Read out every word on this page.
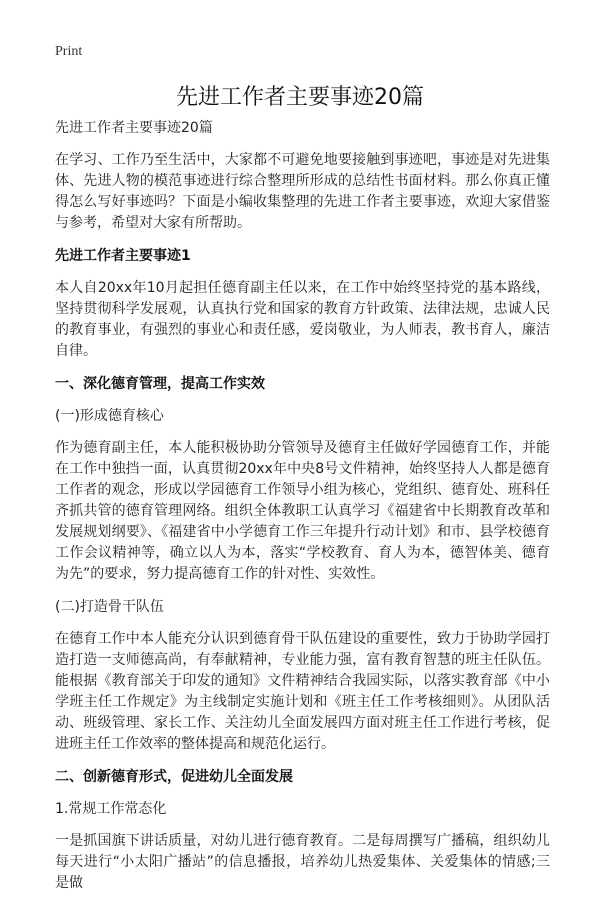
Print
先进工作者主要事迹20篇

先进工作者主要事迹20篇

在学习、工作乃至生活中，大家都不可避免地要接触到事迹吧，事迹是对先进集体、先进人物的模范事迹进行综合整理所形成的总结性书面材料。那么你真正懂得怎么写好事迹吗？下面是小编收集整理的先进工作者主要事迹，欢迎大家借鉴与参考，希望对大家有所帮助。

先进工作者主要事迹1

本人自20xx年10月起担任德育副主任以来，在工作中始终坚持党的基本路线，坚持贯彻科学发展观，认真执行党和国家的教育方针政策、法律法规，忠诚人民的教育事业，有强烈的事业心和责任感，爱岗敬业，为人师表，教书育人，廉洁自律。

一、深化德育管理，提高工作实效

(一)形成德育核心

作为德育副主任，本人能积极协助分管领导及德育主任做好学园德育工作，并能在工作中独挡一面，认真贯彻20xx年中央8号文件精神，始终坚持人人都是德育工作者的观念，形成以学园德育工作领导小组为核心，党组织、德育处、班科任齐抓共管的德育管理网络。组织全体教职工认真学习《福建省中长期教育改革和发展规划纲要》、《福建省中小学德育工作三年提升行动计划》和市、县学校德育工作会议精神等，确立以人为本，落实“学校教育、育人为本，德智体美、德育为先”的要求，努力提高德育工作的针对性、实效性。

(二)打造骨干队伍

在德育工作中本人能充分认识到德育骨干队伍建设的重要性，致力于协助学园打造打造一支师德高尚，有奉献精神，专业能力强，富有教育智慧的班主任队伍。能根据《教育部关于印发的通知》文件精神结合我园实际，以落实教育部《中小学班主任工作规定》为主线制定实施计划和《班主任工作考核细则》。从团队活动、班级管理、家长工作、关注幼儿全面发展四方面对班主任工作进行考核，促进班主任工作效率的整体提高和规范化运行。

二、创新德育形式，促进幼儿全面发展

1.常规工作常态化

一是抓国旗下讲话质量，对幼儿进行德育教育。二是每周撰写广播稿，组织幼儿每天进行“小太阳广播站”的信息播报，培养幼儿热爱集体、关爱集体的情感;三是做
